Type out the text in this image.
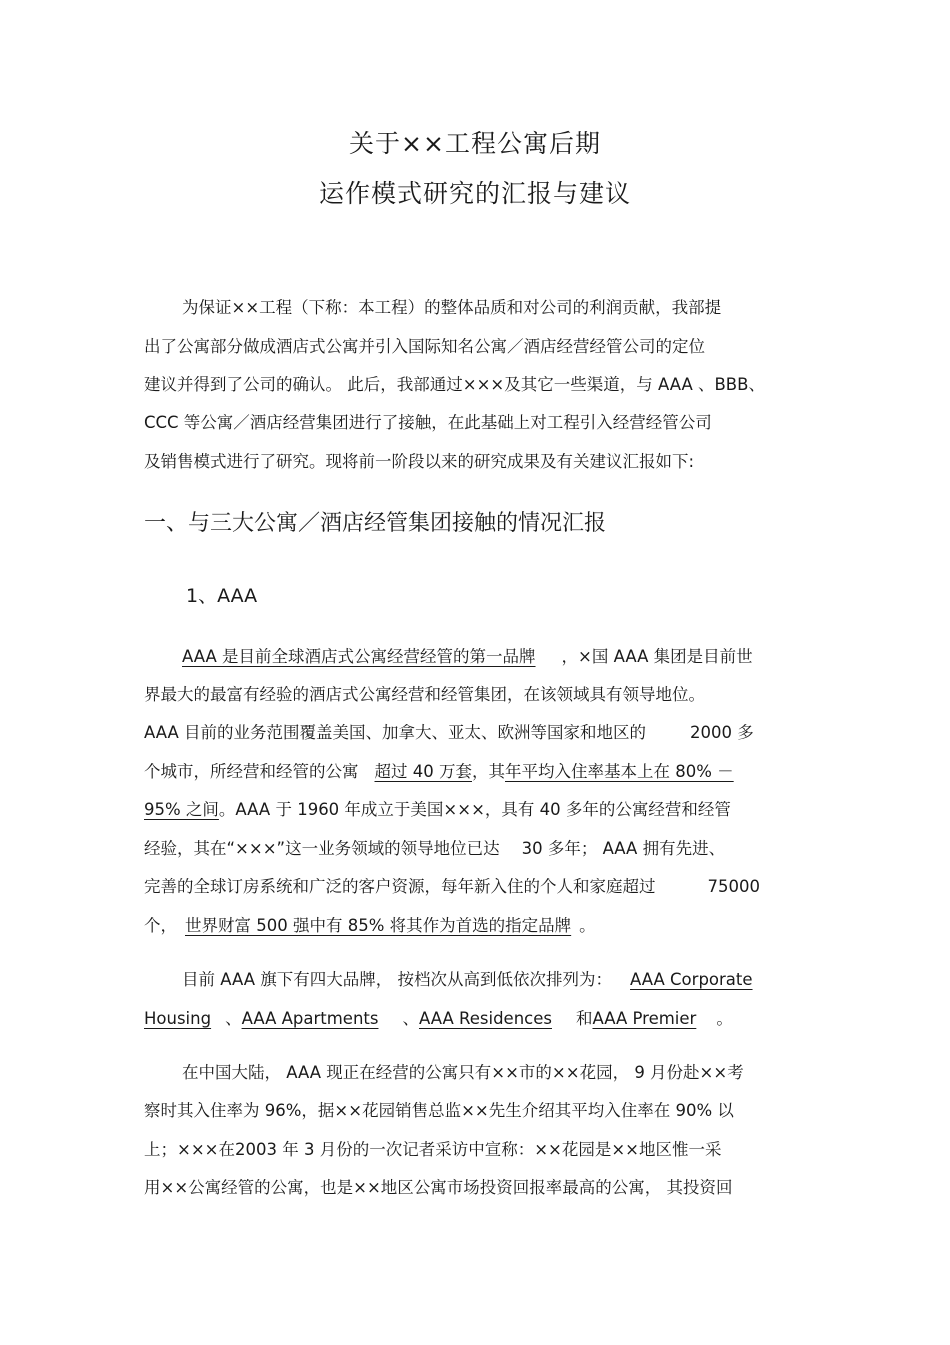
关于××工程公寓后期
运作模式研究的汇报与建议
为保证××工程（下称：本工程）的整体品质和对公司的利润贡献，我部提
出了公寓部分做成酒店式公寓并引入国际知名公寓／酒店经营经管公司的定位
建议并得到了公司的确认。 此后，我部通过×××及其它一些渠道，与 AAA 、BBB、
CCC 等公寓／酒店经营集团进行了接触，在此基础上对工程引入经营经管公司
及销售模式进行了研究。现将前一阶段以来的研究成果及有关建议汇报如下:
一、与三大公寓／酒店经管集团接触的情况汇报
1、AAA
AAA 是目前全球酒店式公寓经营经管的第一品牌 ，×国 AAA 集团是目前世
界最大的最富有经验的酒店式公寓经营和经管集团，在该领域具有领导地位。
AAA 目前的业务范围覆盖美国、加拿大、亚太、欧洲等国家和地区的	2000 多
个城市，所经营和经管的公寓 超过 40 万套，其年平均入住率基本上在 80% －
95% 之间。AAA 于 1960 年成立于美国×××，具有 40 多年的公寓经营和经管
经验，其在“×××”这一业务领域的领导地位已达 30 多年； AAA 拥有先进、
完善的全球订房系统和广泛的客户资源，每年新入住的个人和家庭超过	75000
个， 世界财富 500 强中有 85% 将其作为首选的指定品牌 。
目前 AAA 旗下有四大品牌， 按档次从高到低依次排列为： AAA Corporate
Housing 、AAA Apartments 、AAA Residences 和AAA Premier 。
在中国大陆， AAA 现正在经营的公寓只有××市的××花园， 9 月份赴××考
察时其入住率为 96%，据××花园销售总监××先生介绍其平均入住率在 90% 以
上；×××在2003 年 3 月份的一次记者采访中宣称：××花园是××地区惟一采
用××公寓经管的公寓，也是××地区公寓市场投资回报率最高的公寓， 其投资回
